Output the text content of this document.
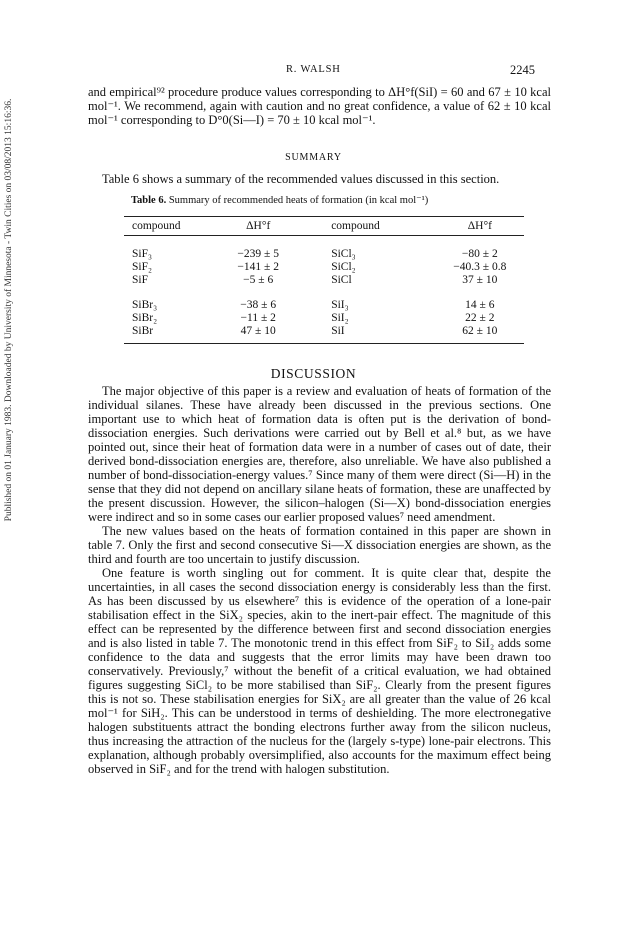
Published on 01 January 1983. Downloaded by University of Minnesota - Twin Cities on 03/08/2013 15:16:36.
R. WALSH	2245

and empirical⁹² procedure produce values corresponding to ΔH°f(SiI) = 60 and 67 ± 10 kcal mol⁻¹. We recommend, again with caution and no great confidence, a value of 62 ± 10 kcal mol⁻¹ corresponding to D°0(Si—I) = 70 ± 10 kcal mol⁻¹.

SUMMARY

Table 6 shows a summary of the recommended values discussed in this section.

Table 6. Summary of recommended heats of formation (in kcal mol⁻¹)
compound	ΔH°f	compound	ΔH°f
SiF₃	−239 ± 5	SiCl₃	−80 ± 2
SiF₂	−141 ± 2	SiCl₂	−40.3 ± 0.8
SiF	−5 ± 6	SiCl	37 ± 10
SiBr₃	−38 ± 6	SiI₃	14 ± 6
SiBr₂	−11 ± 2	SiI₂	22 ± 2
SiBr	47 ± 10	SiI	62 ± 10
DISCUSSION

The major objective of this paper is a review and evaluation of heats of formation of the individual silanes. These have already been discussed in the previous sections. One important use to which heat of formation data is often put is the derivation of bond-dissociation energies. Such derivations were carried out by Bell et al.⁸ but, as we have pointed out, since their heat of formation data were in a number of cases out of date, their derived bond-dissociation energies are, therefore, also unreliable. We have also published a number of bond-dissociation-energy values.⁷ Since many of them were direct (Si—H) in the sense that they did not depend on ancillary silane heats of formation, these are unaffected by the present discussion. However, the silicon–halogen (Si—X) bond-dissociation energies were indirect and so in some cases our earlier proposed values⁷ need amendment.

The new values based on the heats of formation contained in this paper are shown in table 7. Only the first and second consecutive Si—X dissociation energies are shown, as the third and fourth are too uncertain to justify discussion.

One feature is worth singling out for comment. It is quite clear that, despite the uncertainties, in all cases the second dissociation energy is considerably less than the first. As has been discussed by us elsewhere⁷ this is evidence of the operation of a lone-pair stabilisation effect in the SiX₂ species, akin to the inert-pair effect. The magnitude of this effect can be represented by the difference between first and second dissociation energies and is also listed in table 7. The monotonic trend in this effect from SiF₂ to SiI₂ adds some confidence to the data and suggests that the error limits may have been drawn too conservatively. Previously,⁷ without the benefit of a critical evaluation, we had obtained figures suggesting SiCl₂ to be more stabilised than SiF₂. Clearly from the present figures this is not so. These stabilisation energies for SiX₂ are all greater than the value of 26 kcal mol⁻¹ for SiH₂. This can be understood in terms of deshielding. The more electronegative halogen substituents attract the bonding electrons further away from the silicon nucleus, thus increasing the attraction of the nucleus for the (largely s-type) lone-pair electrons. This explanation, although probably oversimplified, also accounts for the maximum effect being observed in SiF₂ and for the trend with halogen substitution.
